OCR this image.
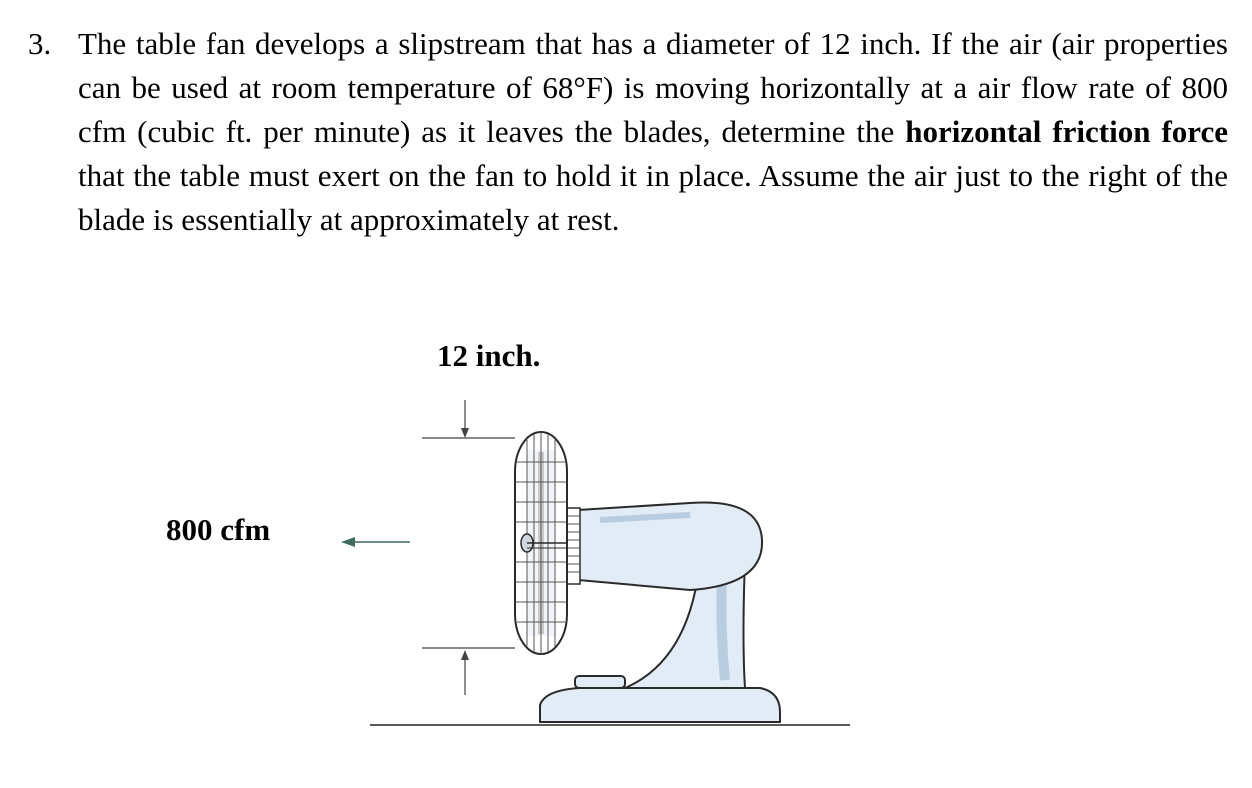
3. The table fan develops a slipstream that has a diameter of 12 inch. If the air (air properties can be used at room temperature of 68°F) is moving horizontally at a air flow rate of 800 cfm (cubic ft. per minute) as it leaves the blades, determine the horizontal friction force that the table must exert on the fan to hold it in place. Assume the air just to the right of the blade is essentially at approximately at rest.
12 inch.
800 cfm
